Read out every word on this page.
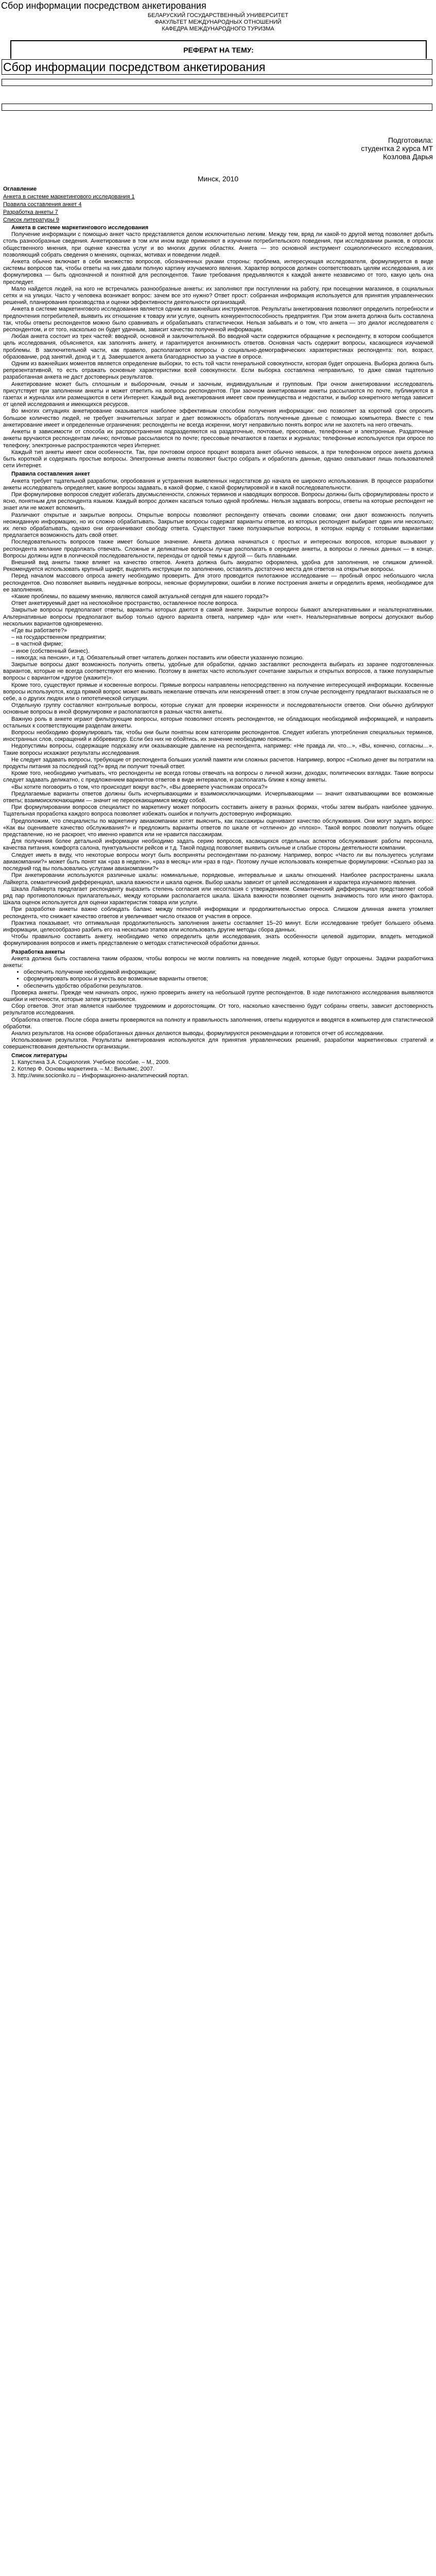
Сбор информации посредством анкетирования
БЕЛАРУСКИЙ ГОСУДАРСТВЕННЫЙ УНИВЕРСИТЕТ
ФАКУЛЬТЕТ МЕЖДУНАРОДНЫХ ОТНОШЕНИЙ
КАФЕДРА МЕЖДУНАРОДНОГО ТУРИЗМА
РЕФЕРАТ НА ТЕМУ:
Сбор информации посредством анкетирования
Подготовила:
студентка 2 курса МТ
Козлова Дарья
Минск, 2010
Оглавление
Анкета в системе маркетингового исследования 1
Правила составления анкет 4
Разработка анкеты 7
Список литературы 9
Анкета в системе маркетингового исследования

Получение информации с помощью анкет часто представляется делом исключительно легким. Между тем, вряд ли какой-то другой метод позволяет добыть столь разнообразные сведения. Анкетирование в том или ином виде применяют в изучении потребительского поведения, при исследовании рынков, в опросах общественного мнения, при оценке качества услуг и во многих других областях. Анкета — это основной инструмент социологического исследования, позволяющий собрать сведения о мнениях, оценках, мотивах и поведении людей.

Анкета обычно включает в себя множество вопросов, обозначенных руками стороны: проблема, интересующая исследователя, формулируется в виде системы вопросов так, чтобы ответы на них давали полную картину изучаемого явления. Характер вопросов должен соответствовать целям исследования, а их формулировка — быть однозначной и понятной для респондентов. Такие требования предъявляются к каждой анкете независимо от того, какую цель она преследует.

Мало найдется людей, на кого не встречались разнообразные анкеты: их заполняют при поступлении на работу, при посещении магазинов, в социальных сетях и на улицах. Часто у человека возникает вопрос: зачем все это нужно? Ответ прост: собранная информация используется для принятия управленческих решений, планирования производства и оценки эффективности деятельности организаций.

Анкета в системе маркетингового исследования является одним из важнейших инструментов. Результаты анкетирования позволяют определить потребности и предпочтения потребителей, выявить их отношение к товару или услуге, оценить конкурентоспособность предприятия. При этом анкета должна быть составлена так, чтобы ответы респондентов можно было сравнивать и обрабатывать статистически. Нельзя забывать и о том, что анкета — это диалог исследователя с респондентом, и от того, насколько он будет удачным, зависит качество полученной информации.

Любая анкета состоит из трех частей: вводной, основной и заключительной. Во вводной части содержится обращение к респонденту, в котором сообщается цель исследования, объясняется, как заполнять анкету, и гарантируется анонимность ответов. Основная часть содержит вопросы, касающиеся изучаемой проблемы. В заключительной части, как правило, располагаются вопросы о социально-демографических характеристиках респондента: пол, возраст, образование, род занятий, доход и т. д. Завершается анкета благодарностью за участие в опросе.

Одним из важнейших моментов является определение выборки, то есть той части генеральной совокупности, которая будет опрошена. Выборка должна быть репрезентативной, то есть отражать основные характеристики всей совокупности. Если выборка составлена неправильно, то даже самая тщательно разработанная анкета не даст достоверных результатов.

Анкетирование может быть сплошным и выборочным, очным и заочным, индивидуальным и групповым. При очном анкетировании исследователь присутствует при заполнении анкеты и может ответить на вопросы респондентов. При заочном анкетировании анкеты рассылаются по почте, публикуются в газетах и журналах или размещаются в сети Интернет. Каждый вид анкетирования имеет свои преимущества и недостатки, и выбор конкретного метода зависит от целей исследования и имеющихся ресурсов.

Во многих ситуациях анкетирование оказывается наиболее эффективным способом получения информации: оно позволяет за короткий срок опросить большое количество людей, не требует значительных затрат и дает возможность обработать полученные данные с помощью компьютера. Вместе с тем анкетирование имеет и определенные ограничения: респонденты не всегда искренни, могут неправильно понять вопрос или не захотеть на него отвечать.

Анкеты в зависимости от способа их распространения подразделяются на раздаточные, почтовые, прессовые, телефонные и электронные. Раздаточные анкеты вручаются респондентам лично; почтовые рассылаются по почте; прессовые печатаются в газетах и журналах; телефонные используются при опросе по телефону; электронные распространяются через Интернет.

Каждый тип анкеты имеет свои особенности. Так, при почтовом опросе процент возврата анкет обычно невысок, а при телефонном опросе анкета должна быть короткой и содержать простые вопросы. Электронные анкеты позволяют быстро собрать и обработать данные, однако охватывают лишь пользователей сети Интернет.

Правила составления анкет

Анкета требует тщательной разработки, опробования и устранения выявленных недостатков до начала ее широкого использования. В процессе разработки анкеты исследователь определяет, какие вопросы задавать, в какой форме, с какой формулировкой и в какой последовательности.

При формулировке вопросов следует избегать двусмысленности, сложных терминов и наводящих вопросов. Вопросы должны быть сформулированы просто и ясно, понятным для респондента языком. Каждый вопрос должен касаться только одной проблемы. Нельзя задавать вопросы, ответы на которые респондент не знает или не может вспомнить.

Различают открытые и закрытые вопросы. Открытые вопросы позволяют респонденту отвечать своими словами; они дают возможность получить неожиданную информацию, но их сложно обрабатывать. Закрытые вопросы содержат варианты ответов, из которых респондент выбирает один или несколько; их легко обрабатывать, однако они ограничивают свободу ответа. Существуют также полузакрытые вопросы, в которых наряду с готовыми вариантами предлагается возможность дать свой ответ.

Последовательность вопросов также имеет большое значение. Анкета должна начинаться с простых и интересных вопросов, которые вызывают у респондента желание продолжать отвечать. Сложные и деликатные вопросы лучше располагать в середине анкеты, а вопросы о личных данных — в конце. Вопросы должны идти в логической последовательности, переходы от одной темы к другой — быть плавными.

Внешний вид анкеты также влияет на качество ответов. Анкета должна быть аккуратно оформлена, удобна для заполнения, не слишком длинной. Рекомендуется использовать крупный шрифт, выделять инструкции по заполнению, оставлять достаточно места для ответов на открытые вопросы.

Перед началом массового опроса анкету необходимо проверить. Для этого проводится пилотажное исследование — пробный опрос небольшого числа респондентов. Оно позволяет выявить неудачные вопросы, неясные формулировки, ошибки в логике построения анкеты и определить время, необходимое для ее заполнения.

«Какие проблемы, по вашему мнению, являются самой актуальной сегодня для нашего города?»

Ответ анкетируемый дает на неспокойное пространство, оставленное после вопроса.

Закрытые вопросы предполагают ответы, варианты которых даются в самой анкете. Закрытые вопросы бывают альтернативными и неальтернативными. Альтернативные вопросы предполагают выбор только одного варианта ответа, например «да» или «нет». Неальтернативные вопросы допускают выбор нескольких вариантов одновременно.

«Где вы работаете?»

– на государственном предприятии;

– в частной фирме;

– иное (собственный бизнес).

– никогда; на пенсии», и т.д. Обязательный ответ читатель должен поставить или обвести указанную позицию.

Закрытые вопросы дают возможность получить ответы, удобные для обработки, однако заставляют респондента выбирать из заранее подготовленных вариантов, которые не всегда соответствуют его мнению. Поэтому в анкетах часто используют сочетание закрытых и открытых вопросов, а также полузакрытые вопросы с вариантом «другое (укажите)».

Кроме того, существуют прямые и косвенные вопросы. Прямые вопросы направлены непосредственно на получение интересующей информации. Косвенные вопросы используются, когда прямой вопрос может вызвать нежелание отвечать или неискренний ответ: в этом случае респонденту предлагают высказаться не о себе, а о других людях или о гипотетической ситуации.

Отдельную группу составляют контрольные вопросы, которые служат для проверки искренности и последовательности ответов. Они обычно дублируют основные вопросы в иной формулировке и располагаются в разных частях анкеты.

Важную роль в анкете играют фильтрующие вопросы, которые позволяют отсеять респондентов, не обладающих необходимой информацией, и направить остальных к соответствующим разделам анкеты.

Вопросы необходимо формулировать так, чтобы они были понятны всем категориям респондентов. Следует избегать употребления специальных терминов, иностранных слов, сокращений и аббревиатур. Если без них не обойтись, их значение необходимо пояснить.

Недопустимы вопросы, содержащие подсказку или оказывающие давление на респондента, например: «Не правда ли, что…», «Вы, конечно, согласны…». Такие вопросы искажают результаты исследования.

Не следует задавать вопросы, требующие от респондента больших усилий памяти или сложных расчетов. Например, вопрос «Сколько денег вы потратили на продукты питания за последний год?» вряд ли получит точный ответ.

Кроме того, необходимо учитывать, что респонденты не всегда готовы отвечать на вопросы о личной жизни, доходах, политических взглядах. Такие вопросы следует задавать деликатно, с предложением вариантов ответов в виде интервалов, и располагать ближе к концу анкеты.

«Вы хотите поговорить о том, что происходит вокруг вас?», «Вы доверяете участникам опроса?»

Предлагаемые варианты ответов должны быть исчерпывающими и взаимоисключающими. Исчерпывающими — значит охватывающими все возможные ответы; взаимоисключающими — значит не пересекающимися между собой.

При формулировании вопросов специалист по маркетингу может попросить составить анкету в разных формах, чтобы затем выбрать наиболее удачную. Тщательная проработка каждого вопроса позволяет избежать ошибок и получить достоверную информацию.

Предположим, что специалисты по маркетингу авиакомпании хотят выяснить, как пассажиры оценивают качество обслуживания. Они могут задать вопрос: «Как вы оцениваете качество обслуживания?» и предложить варианты ответов по шкале от «отлично» до «плохо». Такой вопрос позволит получить общее представление, но не раскроет, что именно нравится или не нравится пассажирам.

Для получения более детальной информации необходимо задать серию вопросов, касающихся отдельных аспектов обслуживания: работы персонала, качества питания, комфорта салона, пунктуальности рейсов и т.д. Такой подход позволяет выявить сильные и слабые стороны деятельности компании.

Следует иметь в виду, что некоторые вопросы могут быть восприняты респондентами по-разному. Например, вопрос «Часто ли вы пользуетесь услугами авиакомпании?» может быть понят как «раз в неделю», «раз в месяц» или «раз в год». Поэтому лучше использовать конкретные формулировки: «Сколько раз за последний год вы пользовались услугами авиакомпании?»

При анкетировании используются различные шкалы: номинальные, порядковые, интервальные и шкалы отношений. Наиболее распространены шкала Лайкерта, семантический дифференциал, шкала важности и шкала оценок. Выбор шкалы зависит от целей исследования и характера изучаемого явления.

Шкала Лайкерта предлагает респонденту выразить степень согласия или несогласия с утверждением. Семантический дифференциал представляет собой ряд пар противоположных прилагательных, между которыми располагается шкала. Шкала важности позволяет оценить значимость того или иного фактора. Шкала оценок используется для оценки характеристик товара или услуги.

При разработке анкеты важно соблюдать баланс между полнотой информации и продолжительностью опроса. Слишком длинная анкета утомляет респондента, что снижает качество ответов и увеличивает число отказов от участия в опросе.

Практика показывает, что оптимальная продолжительность заполнения анкеты составляет 15–20 минут. Если исследование требует большего объема информации, целесообразно разбить его на несколько этапов или использовать другие методы сбора данных.

Чтобы правильно составить анкету, необходимо четко определить цели исследования, знать особенности целевой аудитории, владеть методикой формулирования вопросов и иметь представление о методах статистической обработки данных.

Разработка анкеты

Анкета должна быть составлена таким образом, чтобы вопросы не могли повлиять на поведение людей, которые будут опрошены. Задачи разработчика анкеты:

• обеспечить получение необходимой информации;
• сформулировать вопросы и учесть все возможные варианты ответов;
• обеспечить удобство обработки результатов.

Проверка анкеты. Прежде чем начинать опрос, нужно проверить анкету на небольшой группе респондентов. В ходе пилотажного исследования выявляются ошибки и неточности, которые затем устраняются.

Сбор ответов. Этот этап является наиболее трудоемким и дорогостоящим. От того, насколько качественно будут собраны ответы, зависит достоверность результатов исследования.

Обработка ответов. После сбора анкеты проверяются на полноту и правильность заполнения, ответы кодируются и вводятся в компьютер для статистической обработки.

Анализ результатов. На основе обработанных данных делаются выводы, формулируются рекомендации и готовится отчет об исследовании.

Использование результатов. Результаты анкетирования используются для принятия управленческих решений, разработки маркетинговых стратегий и совершенствования деятельности организации.

Список литературы

1. Капустина З.А. Социология. Учебное пособие. – М., 2009.

2. Котлер Ф. Основы маркетинга. – М.: Вильямс, 2007.

3. http://www.socioniko.ru – Информационно-аналитический портал.
